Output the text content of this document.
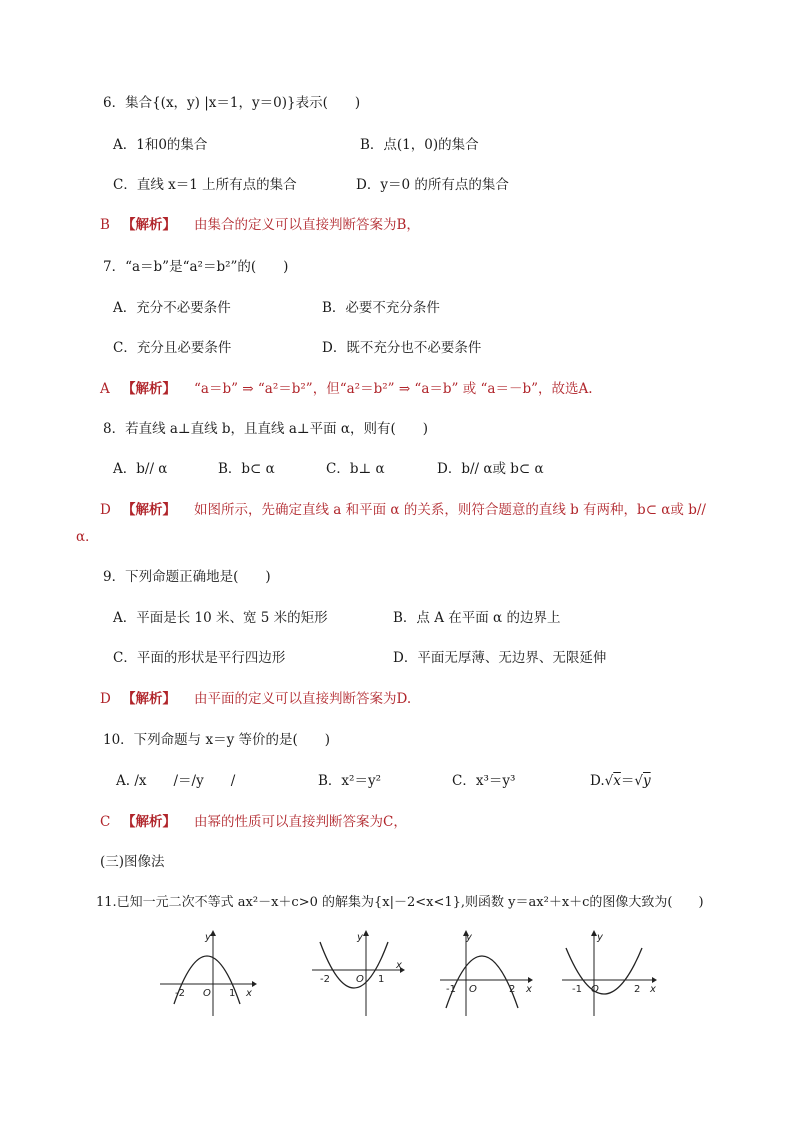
6．集合{(x，y) |x＝1，y＝0)}表示(　　)
A．1和0的集合	B．点(1，0)的集合
C．直线 x＝1 上所有点的集合	D．y＝0 的所有点的集合
B 【解析】 由集合的定义可以直接判断答案为B，
7．“a＝b”是“a²＝b²”的(　　)
A．充分不必要条件	B．必要不充分条件
C．充分且必要条件	D．既不充分也不必要条件
A 【解析】 “a＝b” ⇒ “a²＝b²”，但“a²＝b²” ⇒ “a＝b” 或 “a＝－b”，故选A.
8．若直线 a⊥直线 b，且直线 a⊥平面 α，则有(　　)
A．b// α	B．b⊂ α	C．b⊥ α	D．b// α或 b⊂ α
D 【解析】 如图所示，先确定直线 a 和平面 α 的关系，则符合题意的直线 b 有两种，b⊂ α或 b//
α．
9．下列命题正确地是(　　)
A．平面是长 10 米、宽 5 米的矩形	B．点 A 在平面 α 的边界上
C．平面的形状是平行四边形	D．平面无厚薄、无边界、无限延伸
D 【解析】 由平面的定义可以直接判断答案为D.
10．下列命题与 x＝y 等价的是(　　)
A. /x　　/＝/y　　/	B．x²＝y²	C．x³＝y³	D.√x＝√y
C 【解析】 由幂的性质可以直接判断答案为C，
(三)图像法
11.已知一元二次不等式 ax²－x＋c>0 的解集为{x|－2<x<1},则函数 y＝ax²＋x＋c的图像大致为(　　)
y
x
O
-2	1
y
x
O
-2	1
y
x
O
-1	2
y
x
O
-1	2
